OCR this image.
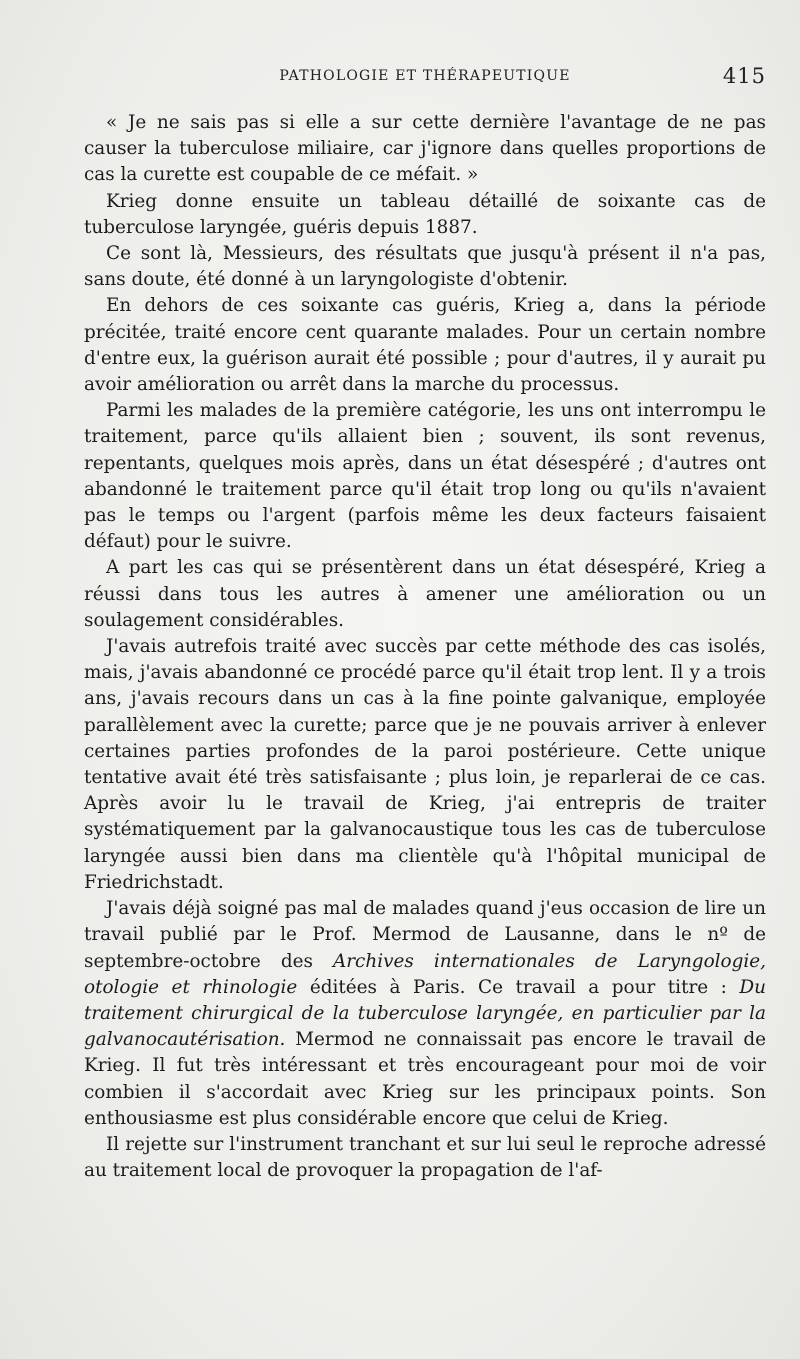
PATHOLOGIE ET THÉRAPEUTIQUE	415

« Je ne sais pas si elle a sur cette dernière l'avantage de ne pas causer la tuberculose miliaire, car j'ignore dans quelles proportions de cas la curette est coupable de ce méfait. »

Krieg donne ensuite un tableau détaillé de soixante cas de tuberculose laryngée, guéris depuis 1887.

Ce sont là, Messieurs, des résultats que jusqu'à présent il n'a pas, sans doute, été donné à un laryngologiste d'obtenir.

En dehors de ces soixante cas guéris, Krieg a, dans la période précitée, traité encore cent quarante malades. Pour un certain nombre d'entre eux, la guérison aurait été possible ; pour d'autres, il y aurait pu avoir amélioration ou arrêt dans la marche du processus.

Parmi les malades de la première catégorie, les uns ont interrompu le traitement, parce qu'ils allaient bien ; souvent, ils sont revenus, repentants, quelques mois après, dans un état désespéré ; d'autres ont abandonné le traitement parce qu'il était trop long ou qu'ils n'avaient pas le temps ou l'argent (parfois même les deux facteurs faisaient défaut) pour le suivre.

A part les cas qui se présentèrent dans un état désespéré, Krieg a réussi dans tous les autres à amener une amélioration ou un soulagement considérables.

J'avais autrefois traité avec succès par cette méthode des cas isolés, mais, j'avais abandonné ce procédé parce qu'il était trop lent. Il y a trois ans, j'avais recours dans un cas à la fine pointe galvanique, employée parallèlement avec la curette; parce que je ne pouvais arriver à enlever certaines parties profondes de la paroi postérieure. Cette unique tentative avait été très satisfaisante ; plus loin, je reparlerai de ce cas. Après avoir lu le travail de Krieg, j'ai entrepris de traiter systématiquement par la galvanocaustique tous les cas de tuberculose laryngée aussi bien dans ma clientèle qu'à l'hôpital municipal de Friedrichstadt.

J'avais déjà soigné pas mal de malades quand j'eus occasion de lire un travail publié par le Prof. Mermod de Lausanne, dans le nº de septembre-octobre des Archives internationales de Laryngologie, otologie et rhinologie éditées à Paris. Ce travail a pour titre : Du traitement chirurgical de la tuberculose laryngée, en particulier par la galvanocautérisation. Mermod ne connaissait pas encore le travail de Krieg. Il fut très intéressant et très encourageant pour moi de voir combien il s'accordait avec Krieg sur les principaux points. Son enthousiasme est plus considérable encore que celui de Krieg.

Il rejette sur l'instrument tranchant et sur lui seul le reproche adressé au traitement local de provoquer la propagation de l'af-
